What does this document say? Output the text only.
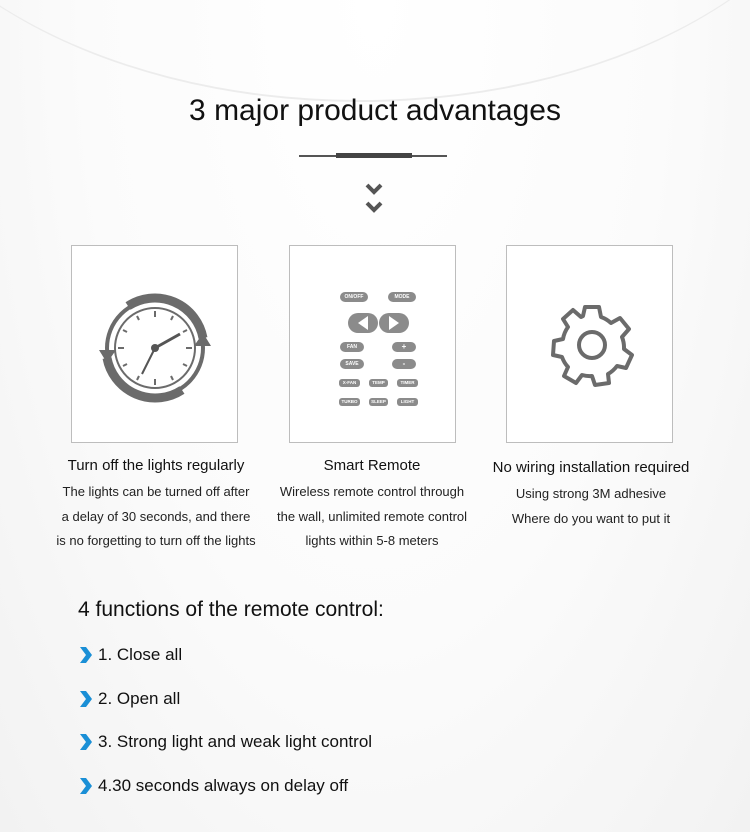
3 major product advantages
Turn off the lights regularly
The lights can be turned off after
a delay of 30 seconds, and there
is no forgetting to turn off the lights
ON/OFF	MODE
FAN	+
SAVE	-
X-FAN	TEMP	TIMER
TURBO	SLEEP	LIGHT
Smart Remote
Wireless remote control through
the wall, unlimited remote control
lights within 5-8 meters
No wiring installation required
Using strong 3M adhesive
Where do you want to put it
4 functions of the remote control:
1. Close all
2. Open all
3. Strong light and weak light control
4.30 seconds always on delay off
